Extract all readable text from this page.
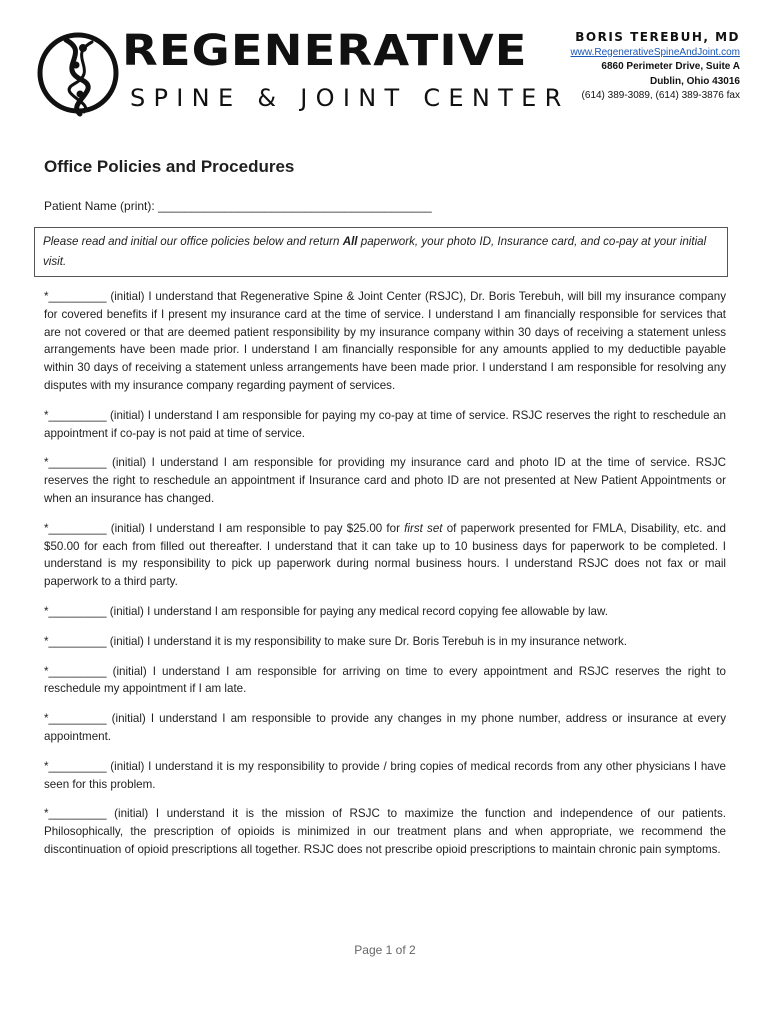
REGENERATIVE
SPINE & JOINT CENTER
BORIS TEREBUH, MD
www.RegenerativeSpineAndJoint.com
6860 Perimeter Drive, Suite A
Dublin, Ohio 43016
(614) 389-3089, (614) 389-3876 fax
Office Policies and Procedures
Patient Name (print): _________________________________________
Please read and initial our office policies below and return All paperwork, your photo ID, Insurance card, and co-pay at your initial visit.

*_________ (initial) I understand that Regenerative Spine & Joint Center (RSJC), Dr. Boris Terebuh, will bill my insurance company for covered benefits if I present my insurance card at the time of service. I understand I am financially responsible for services that are not covered or that are deemed patient responsibility by my insurance company within 30 days of receiving a statement unless arrangements have been made prior. I understand I am financially responsible for any amounts applied to my deductible payable within 30 days of receiving a statement unless arrangements have been made prior. I understand I am responsible for resolving any disputes with my insurance company regarding payment of services.

*_________ (initial) I understand I am responsible for paying my co-pay at time of service. RSJC reserves the right to reschedule an appointment if co-pay is not paid at time of service.

*_________ (initial) I understand I am responsible for providing my insurance card and photo ID at the time of service. RSJC reserves the right to reschedule an appointment if Insurance card and photo ID are not presented at New Patient Appointments or when an insurance has changed.

*_________ (initial) I understand I am responsible to pay $25.00 for first set of paperwork presented for FMLA, Disability, etc. and $50.00 for each from filled out thereafter. I understand that it can take up to 10 business days for paperwork to be completed. I understand is my responsibility to pick up paperwork during normal business hours. I understand RSJC does not fax or mail paperwork to a third party.

*_________ (initial) I understand I am responsible for paying any medical record copying fee allowable by law.

*_________ (initial) I understand it is my responsibility to make sure Dr. Boris Terebuh is in my insurance network.

*_________ (initial) I understand I am responsible for arriving on time to every appointment and RSJC reserves the right to reschedule my appointment if I am late.

*_________ (initial) I understand I am responsible to provide any changes in my phone number, address or insurance at every appointment.

*_________ (initial) I understand it is my responsibility to provide / bring copies of medical records from any other physicians I have seen for this problem.

*_________ (initial) I understand it is the mission of RSJC to maximize the function and independence of our patients. Philosophically, the prescription of opioids is minimized in our treatment plans and when appropriate, we recommend the discontinuation of opioid prescriptions all together. RSJC does not prescribe opioid prescriptions to maintain chronic pain symptoms.

Page 1 of 2
